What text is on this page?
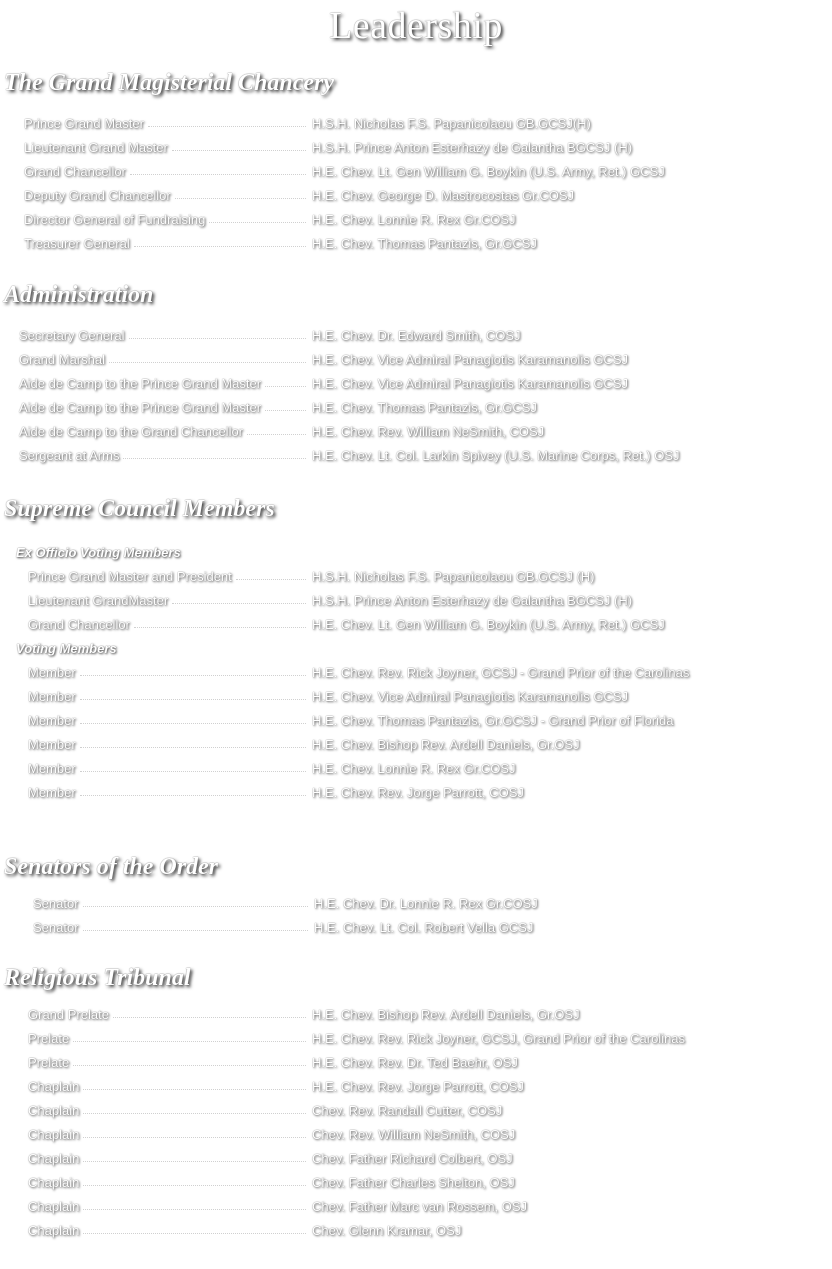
Leadership
The Grand Magisterial Chancery
Prince Grand Master	H.S.H. Nicholas F.S. Papanicolaou GB.GCSJ(H)
Lieutenant Grand Master	H.S.H. Prince Anton Esterhazy de Galantha BGCSJ (H)
Grand Chancellor	H.E. Chev. Lt. Gen William G. Boykin (U.S. Army, Ret.) GCSJ
Deputy Grand Chancellor	H.E. Chev. George D. Mastrocostas Gr.COSJ
Director General of Fundraising	H.E. Chev. Lonnie R. Rex Gr.COSJ
Treasurer General	H.E. Chev. Thomas Pantazis, Gr.GCSJ
Administration
Secretary General	H.E. Chev. Dr. Edward Smith, COSJ
Grand Marshal	H.E. Chev. Vice Admiral Panagiotis Karamanolis GCSJ
Aide de Camp to the Prince Grand Master	H.E. Chev. Vice Admiral Panagiotis Karamanolis GCSJ
Aide de Camp to the Prince Grand Master	H.E. Chev. Thomas Pantazis, Gr.GCSJ
Aide de Camp to the Grand Chancellor	H.E. Chev. Rev. William NeSmith, COSJ
Sergeant at Arms	H.E. Chev. Lt. Col. Larkin Spivey (U.S. Marine Corps, Ret.) OSJ
Supreme Council Members
Ex Officio Voting Members
Prince Grand Master and President	H.S.H. Nicholas F.S. Papanicolaou GB.GCSJ (H)
Lieutenant GrandMaster	H.S.H. Prince Anton Esterhazy de Galantha BGCSJ (H)
Grand Chancellor	H.E. Chev. Lt. Gen William G. Boykin (U.S. Army, Ret.) GCSJ
Voting Members
Member	H.E. Chev. Rev. Rick Joyner, GCSJ - Grand Prior of the Carolinas
Member	H.E. Chev. Vice Admiral Panagiotis Karamanolis GCSJ
Member	H.E. Chev. Thomas Pantazis, Gr.GCSJ - Grand Prior of Florida
Member	H.E. Chev. Bishop Rev. Ardell Daniels, Gr.OSJ
Member	H.E. Chev. Lonnie R. Rex Gr.COSJ
Member	H.E. Chev. Rev. Jorge Parrott, COSJ
Senators of the Order
Senator	H.E. Chev. Dr. Lonnie R. Rex Gr.COSJ
Senator	H.E. Chev. Lt. Col. Robert Vella GCSJ
Religious Tribunal
Grand Prelate	H.E. Chev. Bishop Rev. Ardell Daniels, Gr.OSJ
Prelate	H.E. Chev. Rev. Rick Joyner, GCSJ, Grand Prior of the Carolinas
Prelate	H.E. Chev. Rev. Dr. Ted Baehr, OSJ
Chaplain	H.E. Chev. Rev. Jorge Parrott, COSJ
Chaplain	Chev. Rev. Randall Cutter, COSJ
Chaplain	Chev. Rev. William NeSmith, COSJ
Chaplain	Chev. Father Richard Colbert, OSJ
Chaplain	Chev. Father Charles Shelton, OSJ
Chaplain	Chev. Father Marc van Rossem, OSJ
Chaplain	Chev. Glenn Kramar, OSJ
